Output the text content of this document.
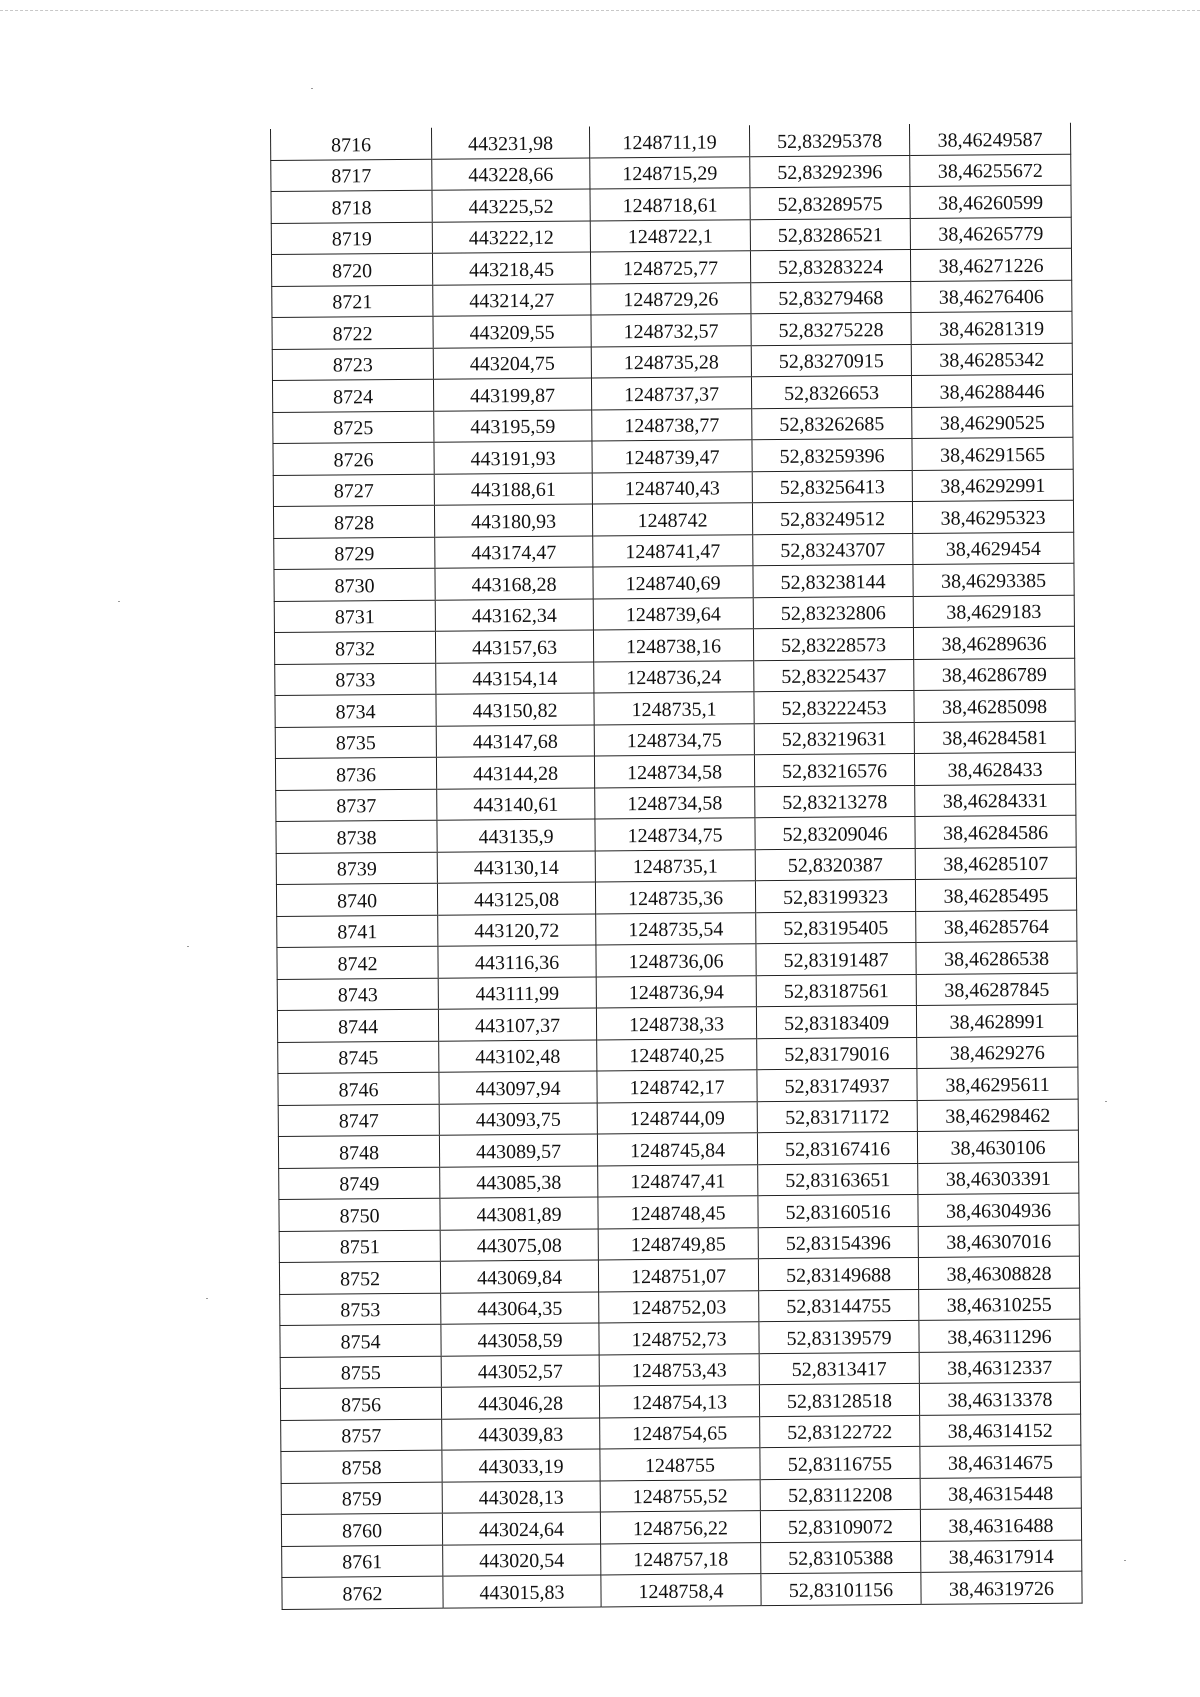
8716	443231,98	1248711,19	52,83295378	38,46249587
8717	443228,66	1248715,29	52,83292396	38,46255672
8718	443225,52	1248718,61	52,83289575	38,46260599
8719	443222,12	1248722,1	52,83286521	38,46265779
8720	443218,45	1248725,77	52,83283224	38,46271226
8721	443214,27	1248729,26	52,83279468	38,46276406
8722	443209,55	1248732,57	52,83275228	38,46281319
8723	443204,75	1248735,28	52,83270915	38,46285342
8724	443199,87	1248737,37	52,8326653	38,46288446
8725	443195,59	1248738,77	52,83262685	38,46290525
8726	443191,93	1248739,47	52,83259396	38,46291565
8727	443188,61	1248740,43	52,83256413	38,46292991
8728	443180,93	1248742	52,83249512	38,46295323
8729	443174,47	1248741,47	52,83243707	38,4629454
8730	443168,28	1248740,69	52,83238144	38,46293385
8731	443162,34	1248739,64	52,83232806	38,4629183
8732	443157,63	1248738,16	52,83228573	38,46289636
8733	443154,14	1248736,24	52,83225437	38,46286789
8734	443150,82	1248735,1	52,83222453	38,46285098
8735	443147,68	1248734,75	52,83219631	38,46284581
8736	443144,28	1248734,58	52,83216576	38,4628433
8737	443140,61	1248734,58	52,83213278	38,46284331
8738	443135,9	1248734,75	52,83209046	38,46284586
8739	443130,14	1248735,1	52,8320387	38,46285107
8740	443125,08	1248735,36	52,83199323	38,46285495
8741	443120,72	1248735,54	52,83195405	38,46285764
8742	443116,36	1248736,06	52,83191487	38,46286538
8743	443111,99	1248736,94	52,83187561	38,46287845
8744	443107,37	1248738,33	52,83183409	38,4628991
8745	443102,48	1248740,25	52,83179016	38,4629276
8746	443097,94	1248742,17	52,83174937	38,46295611
8747	443093,75	1248744,09	52,83171172	38,46298462
8748	443089,57	1248745,84	52,83167416	38,4630106
8749	443085,38	1248747,41	52,83163651	38,46303391
8750	443081,89	1248748,45	52,83160516	38,46304936
8751	443075,08	1248749,85	52,83154396	38,46307016
8752	443069,84	1248751,07	52,83149688	38,46308828
8753	443064,35	1248752,03	52,83144755	38,46310255
8754	443058,59	1248752,73	52,83139579	38,46311296
8755	443052,57	1248753,43	52,8313417	38,46312337
8756	443046,28	1248754,13	52,83128518	38,46313378
8757	443039,83	1248754,65	52,83122722	38,46314152
8758	443033,19	1248755	52,83116755	38,46314675
8759	443028,13	1248755,52	52,83112208	38,46315448
8760	443024,64	1248756,22	52,83109072	38,46316488
8761	443020,54	1248757,18	52,83105388	38,46317914
8762	443015,83	1248758,4	52,83101156	38,46319726
